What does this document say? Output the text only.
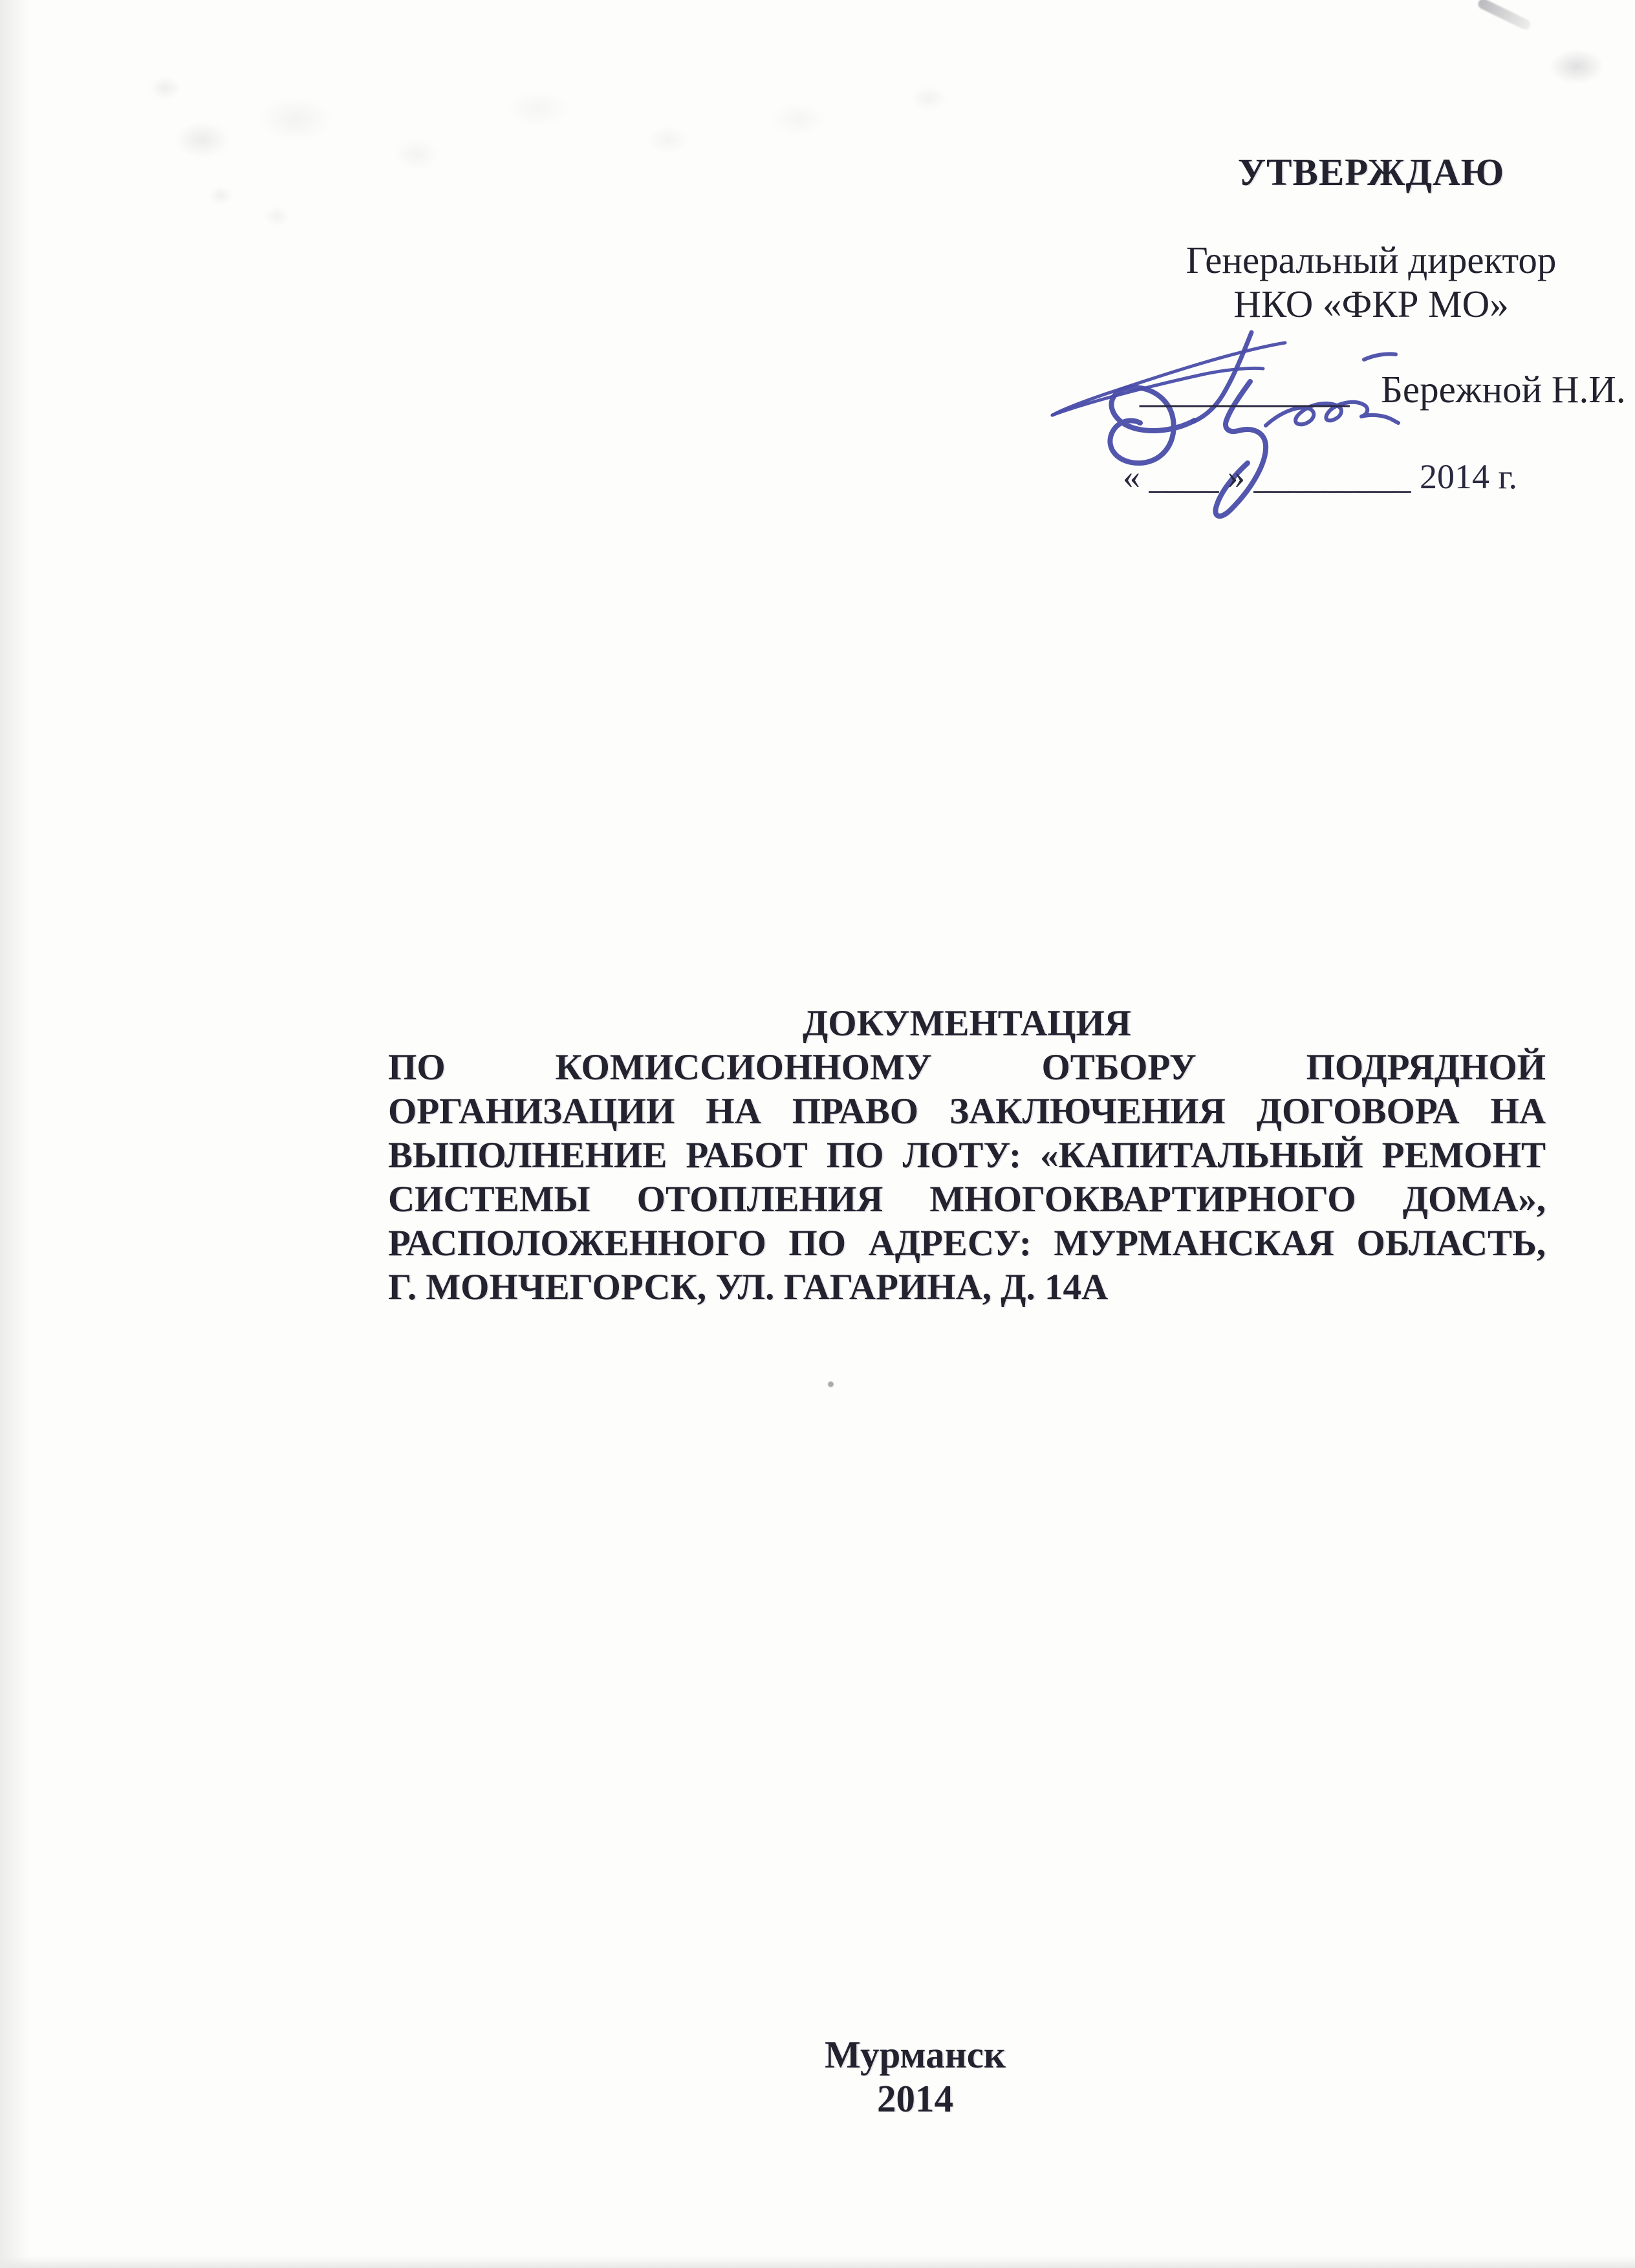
УТВЕРЖДАЮ
Генеральный директор
НКО «ФКР МО»
___________ Бережной Н.И.
« ____ » _________ 2014 г.
ДОКУМЕНТАЦИЯ
ПО КОМИССИОННОМУ ОТБОРУ ПОДРЯДНОЙ
ОРГАНИЗАЦИИ НА ПРАВО ЗАКЛЮЧЕНИЯ ДОГОВОРА НА
ВЫПОЛНЕНИЕ РАБОТ ПО ЛОТУ: «КАПИТАЛЬНЫЙ РЕМОНТ
СИСТЕМЫ ОТОПЛЕНИЯ МНОГОКВАРТИРНОГО ДОМА»,
РАСПОЛОЖЕННОГО ПО АДРЕСУ: МУРМАНСКАЯ ОБЛАСТЬ,
Г. МОНЧЕГОРСК, УЛ. ГАГАРИНА, Д. 14А
Мурманск
2014
